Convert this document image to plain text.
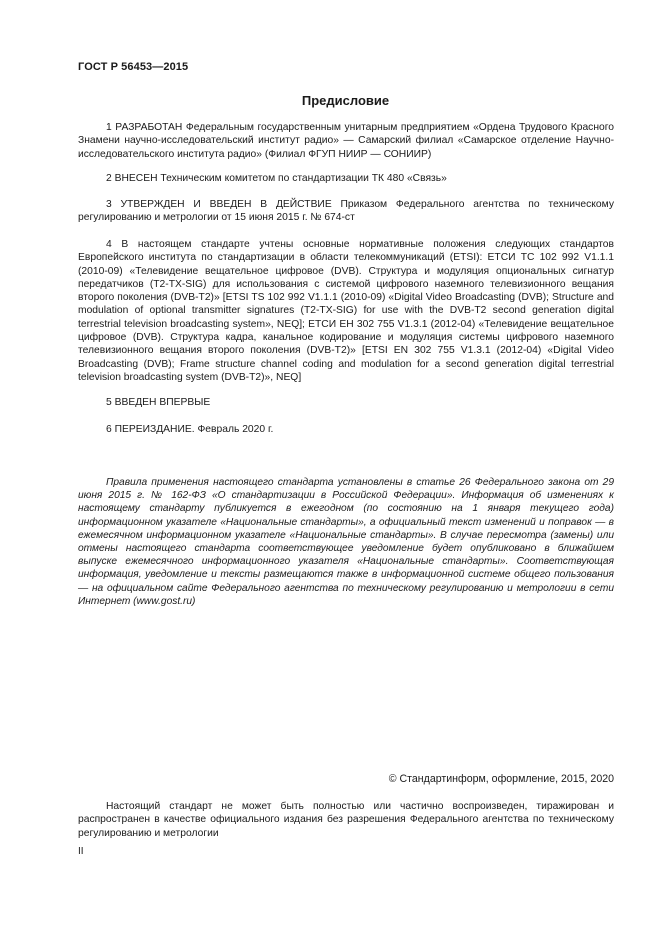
ГОСТ Р 56453—2015
Предисловие

1 РАЗРАБОТАН Федеральным государственным унитарным предприятием «Ордена Трудового Красного Знамени научно-исследовательский институт радио» — Самарский филиал «Самарское отделение Научно-исследовательского института радио» (Филиал ФГУП НИИР — СОНИИР)

2 ВНЕСЕН Техническим комитетом по стандартизации ТК 480 «Связь»

3 УТВЕРЖДЕН И ВВЕДЕН В ДЕЙСТВИЕ Приказом Федерального агентства по техническому регулированию и метрологии от 15 июня 2015 г. № 674-ст

4 В настоящем стандарте учтены основные нормативные положения следующих стандартов Европейского института по стандартизации в области телекоммуникаций (ETSI): ЕТСИ ТС 102 992 V1.1.1 (2010-09) «Телевидение вещательное цифровое (DVB). Структура и модуляция опциональных сигнатур передатчиков (T2-TX-SIG) для использования с системой цифрового наземного телевизионного вещания второго поколения (DVB-T2)» [ETSI TS 102 992 V1.1.1 (2010-09) «Digital Video Broadcasting (DVB); Structure and modulation of optional transmitter signatures (T2-TX-SIG) for use with the DVB-T2 second generation digital terrestrial television broadcasting system», NEQ]; ЕТСИ ЕН 302 755 V1.3.1 (2012-04) «Телевидение вещательное цифровое (DVB). Структура кадра, канальное кодирование и модуляция системы цифрового наземного телевизионного вещания второго поколения (DVB-T2)» [ETSI EN 302 755 V1.3.1 (2012-04) «Digital Video Broadcasting (DVB); Frame structure channel coding and modulation for a second generation digital terrestrial television broadcasting system (DVB-T2)», NEQ]

5 ВВЕДЕН ВПЕРВЫЕ

6 ПЕРЕИЗДАНИЕ. Февраль 2020 г.

Правила применения настоящего стандарта установлены в статье 26 Федерального закона от 29 июня 2015 г. № 162-ФЗ «О стандартизации в Российской Федерации». Информация об изменениях к настоящему стандарту публикуется в ежегодном (по состоянию на 1 января текущего года) информационном указателе «Национальные стандарты», а официальный текст изменений и поправок — в ежемесячном информационном указателе «Национальные стандарты». В случае пересмотра (замены) или отмены настоящего стандарта соответствующее уведомление будет опубликовано в ближайшем выпуске ежемесячного информационного указателя «Национальные стандарты». Соответствующая информация, уведомление и тексты размещаются также в информационной системе общего пользования — на официальном сайте Федерального агентства по техническому регулированию и метрологии в сети Интернет (www.gost.ru)
© Стандартинформ, оформление, 2015, 2020
Настоящий стандарт не может быть полностью или частично воспроизведен, тиражирован и распространен в качестве официального издания без разрешения Федерального агентства по техническому регулированию и метрологии
II
